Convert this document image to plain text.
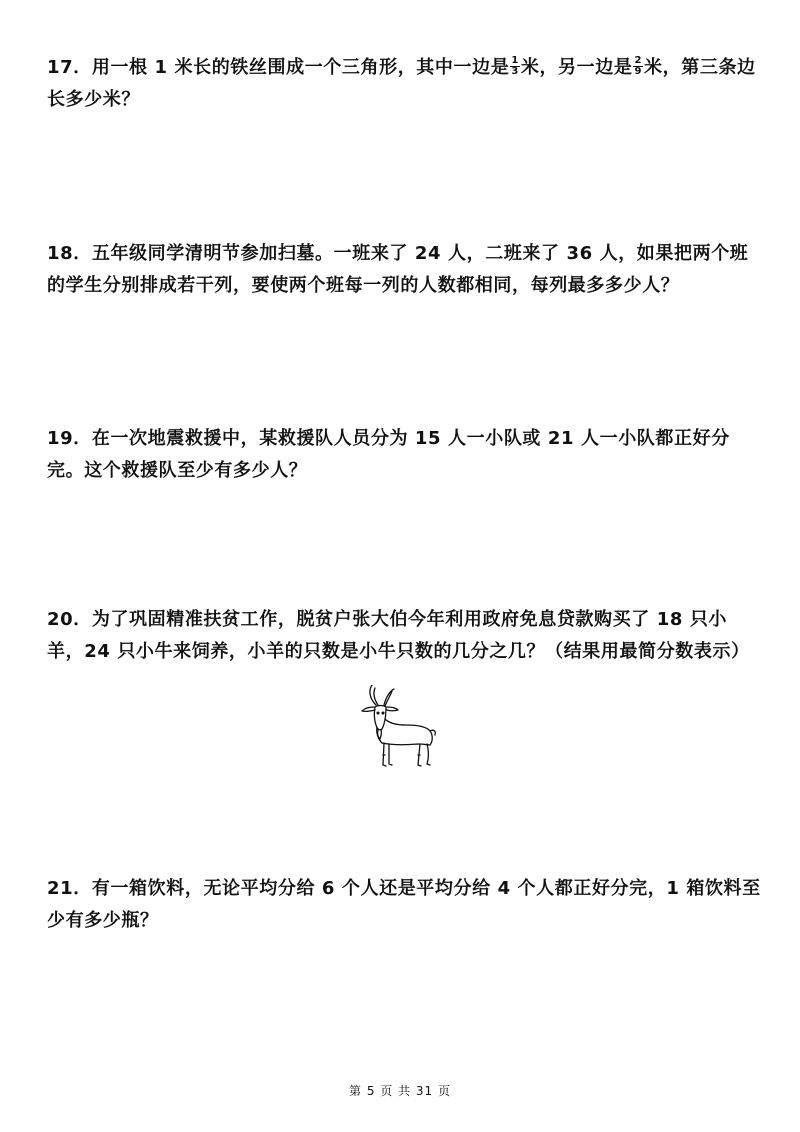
17．用一根 1 米长的铁丝围成一个三角形，其中一边是 $\frac{1}{3}$ 米，另一边是 $\frac{2}{9}$ 米，第三条边长多少米？
18．五年级同学清明节参加扫墓。一班来了 24 人，二班来了 36 人，如果把两个班的学生分别排成若干列，要使两个班每一列的人数都相同，每列最多多少人？
19．在一次地震救援中，某救援队人员分为 15 人一小队或 21 人一小队都正好分完。这个救援队至少有多少人？
20．为了巩固精准扶贫工作，脱贫户张大伯今年利用政府免息贷款购买了 18 只小羊，24 只小牛来饲养，小羊的只数是小牛只数的几分之几？（结果用最简分数表示）
21．有一箱饮料，无论平均分给 6 个人还是平均分给 4 个人都正好分完，1 箱饮料至少有多少瓶？
第 5 页 共 31 页
